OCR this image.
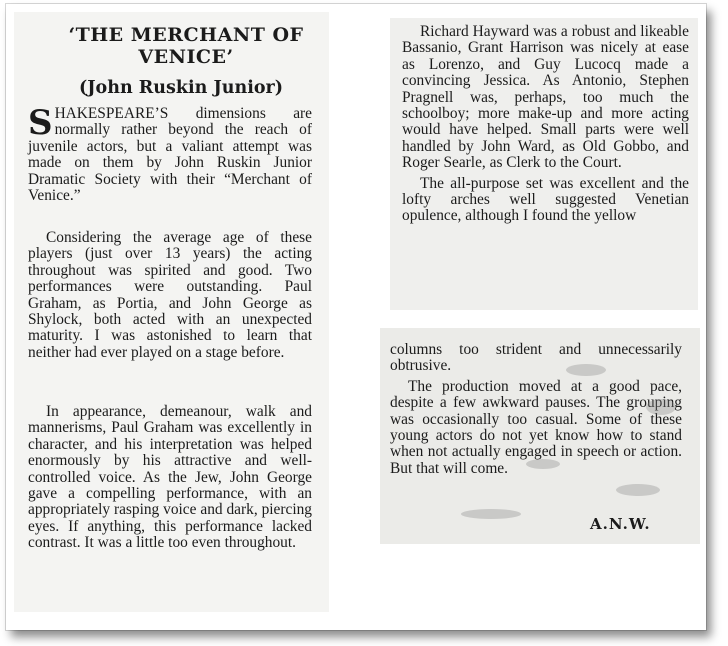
‘THE MERCHANT OF VENICE’
(John Ruskin Junior)

SHAKESPEARE’S dimensions are normally rather beyond the reach of juvenile actors, but a valiant attempt was made on them by John Ruskin Junior Dramatic Society with their “Merchant of Venice.”

Considering the average age of these players (just over 13 years) the acting throughout was spirited and good. Two performances were outstanding. Paul Graham, as Portia, and John George as Shylock, both acted with an unexpected maturity. I was astonished to learn that neither had ever played on a stage before.

In appearance, demeanour, walk and mannerisms, Paul Graham was excellently in character, and his interpretation was helped enormously by his attractive and well-controlled voice. As the Jew, John George gave a compelling performance, with an appropriately rasping voice and dark, piercing eyes. If anything, this performance lacked contrast. It was a little too even throughout.

Richard Hayward was a robust and likeable Bassanio, Grant Harrison was nicely at ease as Lorenzo, and Guy Lucocq made a convincing Jessica. As Antonio, Stephen Pragnell was, perhaps, too much the schoolboy; more make-up and more acting would have helped. Small parts were well handled by John Ward, as Old Gobbo, and Roger Searle, as Clerk to the Court.

The all-purpose set was excellent and the lofty arches well suggested Venetian opulence, although I found the yellow

columns too strident and unnecessarily obtrusive.

The production moved at a good pace, despite a few awkward pauses. The grouping was occasionally too casual. Some of these young actors do not yet know how to stand when not actually engaged in speech or action. But that will come.

A.N.W.
